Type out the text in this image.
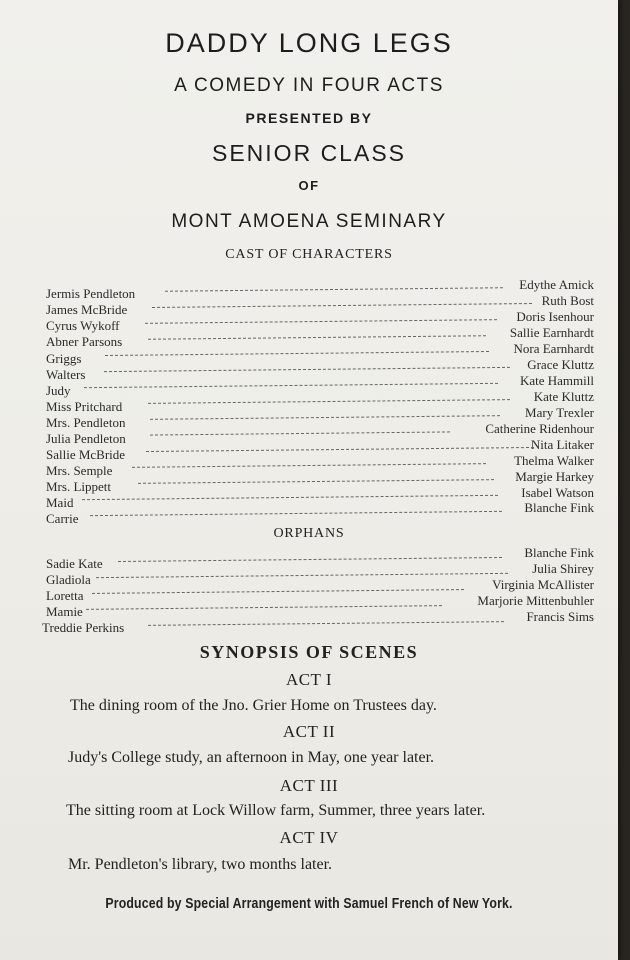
DADDY LONG LEGS
A COMEDY IN FOUR ACTS
PRESENTED BY
SENIOR CLASS
OF
MONT AMOENA SEMINARY
CAST OF CHARACTERS
Jermis Pendleton
James McBride
Cyrus Wykoff
Abner Parsons
Griggs
Walters
Judy
Miss Pritchard
Mrs. Pendleton
Julia Pendleton
Sallie McBride
Mrs. Semple
Mrs. Lippett
Maid
Carrie
Edythe Amick
Ruth Bost
Doris Isenhour
Sallie Earnhardt
Nora Earnhardt
Grace Kluttz
Kate Hammill
Kate Kluttz
Mary Trexler
Catherine Ridenhour
Nita Litaker
Thelma Walker
Margie Harkey
Isabel Watson
Blanche Fink
ORPHANS
Sadie Kate
Gladiola
Loretta
Mamie
Treddie Perkins
Blanche Fink
Julia Shirey
Virginia McAllister
Marjorie Mittenbuhler
Francis Sims
SYNOPSIS OF SCENES
ACT I
The dining room of the Jno. Grier Home on Trustees day.
ACT II
Judy's College study, an afternoon in May, one year later.
ACT III
The sitting room at Lock Willow farm, Summer, three years later.
ACT IV
Mr. Pendleton's library, two months later.
Produced by Special Arrangement with Samuel French of New York.
